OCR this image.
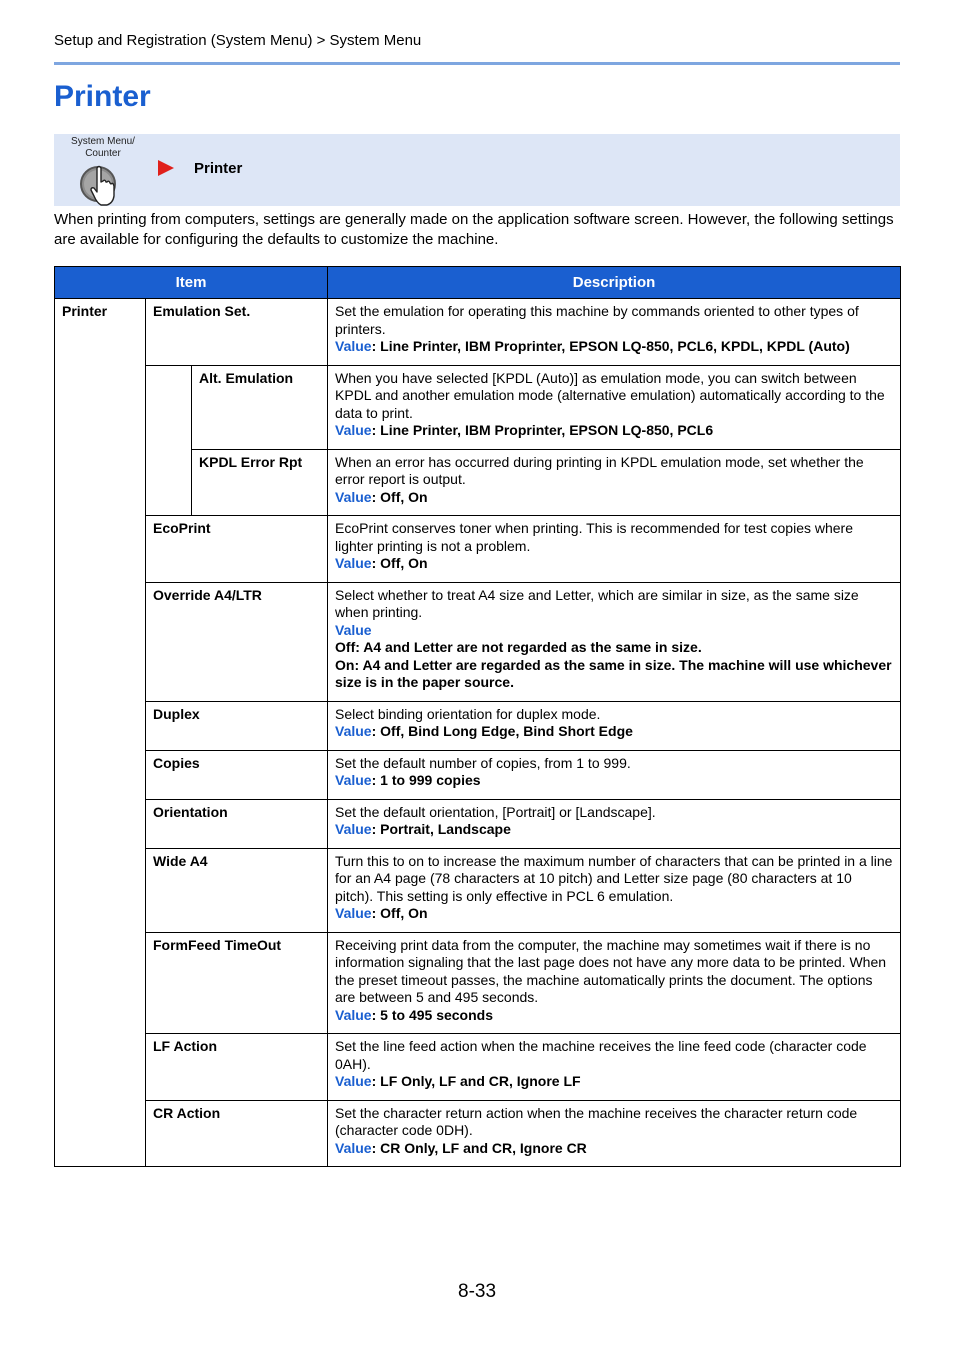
Setup and Registration (System Menu) > System Menu
Printer
System Menu/
Counter
Printer
When printing from computers, settings are generally made on the application software screen. However, the following settings are available for configuring the defaults to customize the machine.
Item			Description
Printer	Emulation Set.		Set the emulation for operating this machine by commands oriented to other types of printers.

Value: Line Printer, IBM Proprinter, EPSON LQ-850, PCL6, KPDL, KPDL (Auto)

		Alt. Emulation	When you have selected [KPDL (Auto)] as emulation mode, you can switch between KPDL and another emulation mode (alternative emulation) automatically according to the data to print.

Value: Line Printer, IBM Proprinter, EPSON LQ-850, PCL6

		KPDL Error Rpt	When an error has occurred during printing in KPDL emulation mode, set whether the error report is output.

Value: Off, On

	EcoPrint		EcoPrint conserves toner when printing. This is recommended for test copies where lighter printing is not a problem.

Value: Off, On

	Override A4/LTR		Select whether to treat A4 size and Letter, which are similar in size, as the same size when printing.

Value

Off: A4 and Letter are not regarded as the same in size.

On: A4 and Letter are regarded as the same in size. The machine will use whichever size is in the paper source.

	Duplex		Select binding orientation for duplex mode.

Value: Off, Bind Long Edge, Bind Short Edge

	Copies		Set the default number of copies, from 1 to 999.

Value: 1 to 999 copies

	Orientation		Set the default orientation, [Portrait] or [Landscape].

Value: Portrait, Landscape

	Wide A4		Turn this to on to increase the maximum number of characters that can be printed in a line for an A4 page (78 characters at 10 pitch) and Letter size page (80 characters at 10 pitch). This setting is only effective in PCL 6 emulation.

Value: Off, On

	FormFeed TimeOut		Receiving print data from the computer, the machine may sometimes wait if there is no information signaling that the last page does not have any more data to be printed. When the preset timeout passes, the machine automatically prints the document. The options are between 5 and 495 seconds.

Value: 5 to 495 seconds

	LF Action		Set the line feed action when the machine receives the line feed code (character code 0AH).

Value: LF Only, LF and CR, Ignore LF

	CR Action		Set the character return action when the machine receives the character return code (character code 0DH).

Value: CR Only, LF and CR, Ignore CR

8-33
